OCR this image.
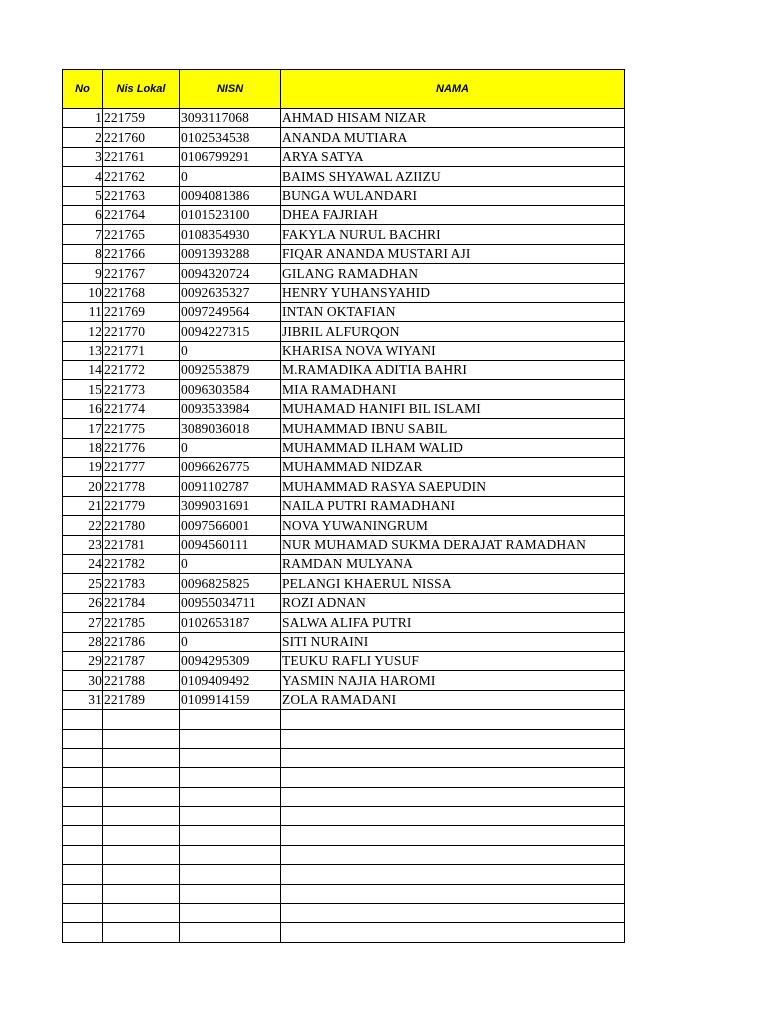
No	Nis Lokal	NISN	NAMA
1	221759	3093117068	AHMAD HISAM NIZAR
2	221760	0102534538	ANANDA MUTIARA
3	221761	0106799291	ARYA SATYA
4	221762	0	BAIMS SHYAWAL AZIIZU
5	221763	0094081386	BUNGA WULANDARI
6	221764	0101523100	DHEA FAJRIAH
7	221765	0108354930	FAKYLA NURUL BACHRI
8	221766	0091393288	FIQAR ANANDA MUSTARI AJI
9	221767	0094320724	GILANG RAMADHAN
10	221768	0092635327	HENRY YUHANSYAHID
11	221769	0097249564	INTAN OKTAFIAN
12	221770	0094227315	JIBRIL ALFURQON
13	221771	0	KHARISA NOVA WIYANI
14	221772	0092553879	M.RAMADIKA ADITIA BAHRI
15	221773	0096303584	MIA RAMADHANI
16	221774	0093533984	MUHAMAD HANIFI BIL ISLAMI
17	221775	3089036018	MUHAMMAD IBNU SABIL
18	221776	0	MUHAMMAD ILHAM WALID
19	221777	0096626775	MUHAMMAD NIDZAR
20	221778	0091102787	MUHAMMAD RASYA SAEPUDIN
21	221779	3099031691	NAILA PUTRI RAMADHANI
22	221780	0097566001	NOVA YUWANINGRUM
23	221781	0094560111	NUR MUHAMAD SUKMA DERAJAT RAMADHAN
24	221782	0	RAMDAN MULYANA
25	221783	0096825825	PELANGI KHAERUL NISSA
26	221784	00955034711	ROZI ADNAN
27	221785	0102653187	SALWA ALIFA PUTRI
28	221786	0	SITI NURAINI
29	221787	0094295309	TEUKU RAFLI YUSUF
30	221788	0109409492	YASMIN NAJIA HAROMI
31	221789	0109914159	ZOLA RAMADANI
